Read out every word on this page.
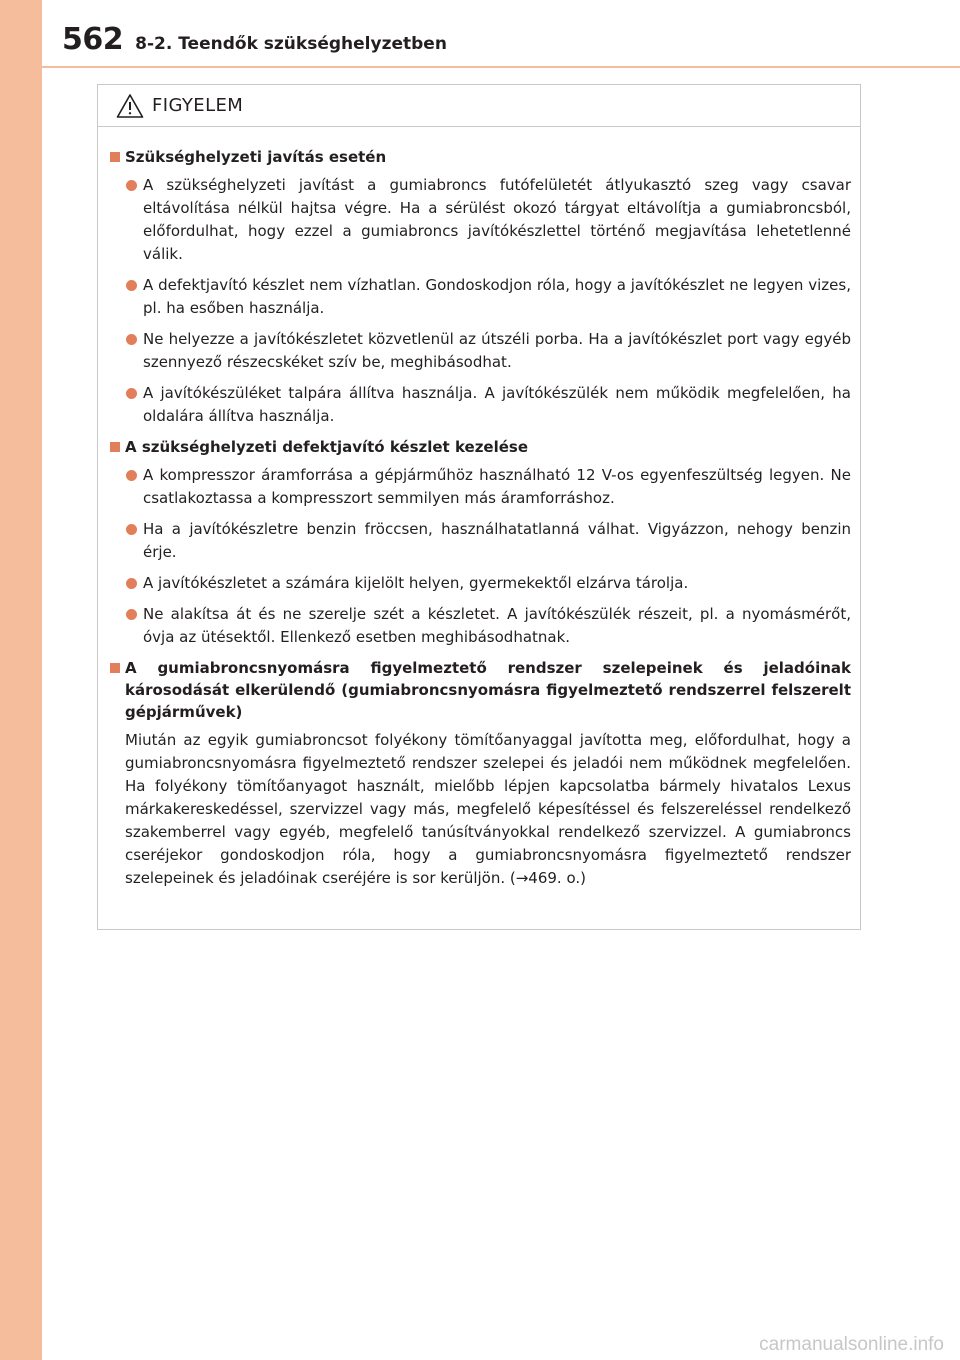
562 8-2. Teendők szükséghelyzetben
FIGYELEM
Szükséghelyzeti javítás esetén
A szükséghelyzeti javítást a gumiabroncs futófelületét átlyukasztó szeg vagy csavar eltávolítása nélkül hajtsa végre. Ha a sérülést okozó tárgyat eltávolítja a gumiabroncsból, előfordulhat, hogy ezzel a gumiabroncs javítókészlettel történő megjavítása lehetetlenné válik.
A defektjavító készlet nem vízhatlan. Gondoskodjon róla, hogy a javítókészlet ne legyen vizes, pl. ha esőben használja.
Ne helyezze a javítókészletet közvetlenül az útszéli porba. Ha a javítókészlet port vagy egyéb szennyező részecskéket szív be, meghibásodhat.
A javítókészüléket talpára állítva használja. A javítókészülék nem működik megfelelően, ha oldalára állítva használja.
A szükséghelyzeti defektjavító készlet kezelése
A kompresszor áramforrása a gépjárműhöz használható 12 V-os egyenfeszültség legyen. Ne csatlakoztassa a kompresszort semmilyen más áramforráshoz.
Ha a javítókészletre benzin fröccsen, használhatatlanná válhat. Vigyázzon, nehogy benzin érje.
A javítókészletet a számára kijelölt helyen, gyermekektől elzárva tárolja.
Ne alakítsa át és ne szerelje szét a készletet. A javítókészülék részeit, pl. a nyomásmérőt, óvja az ütésektől. Ellenkező esetben meghibásodhatnak.
A gumiabroncsnyomásra figyelmeztető rendszer szelepeinek és jeladóinak károsodását elkerülendő (gumiabroncsnyomásra figyelmeztető rendszerrel felszerelt gépjárművek)
Miután az egyik gumiabroncsot folyékony tömítőanyaggal javította meg, előfordulhat, hogy a gumiabroncsnyomásra figyelmeztető rendszer szelepei és jeladói nem működnek megfelelően. Ha folyékony tömítőanyagot használt, mielőbb lépjen kapcsolatba bármely hivatalos Lexus márkakereskedéssel, szervizzel vagy más, megfelelő képesítéssel és felszereléssel rendelkező szakemberrel vagy egyéb, megfelelő tanúsítványokkal rendelkező szervizzel. A gumiabroncs cseréjekor gondoskodjon róla, hogy a gumiabroncsnyomásra figyelmeztető rendszer szelepeinek és jeladóinak cseréjére is sor kerüljön. (→469. o.)
carmanualsonline.info
